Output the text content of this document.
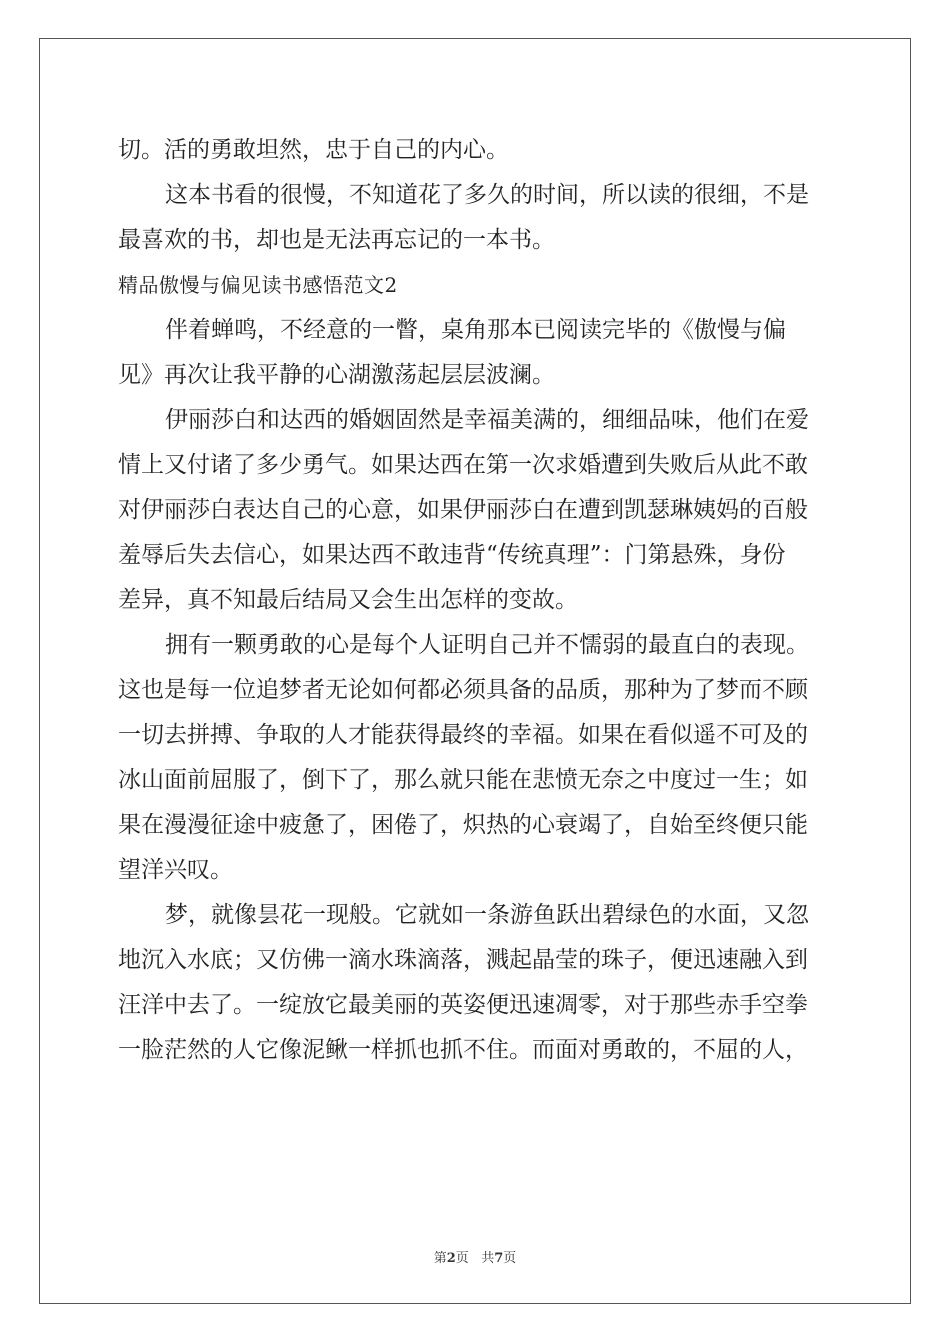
切。活的勇敢坦然，忠于自己的内心。
这本书看的很慢，不知道花了多久的时间，所以读的很细，不是
最喜欢的书，却也是无法再忘记的一本书。
精品傲慢与偏见读书感悟范文2
伴着蝉鸣，不经意的一瞥，桌角那本已阅读完毕的《傲慢与偏
见》再次让我平静的心湖激荡起层层波澜。
伊丽莎白和达西的婚姻固然是幸福美满的，细细品味，他们在爱
情上又付诸了多少勇气。如果达西在第一次求婚遭到失败后从此不敢
对伊丽莎白表达自己的心意，如果伊丽莎白在遭到凯瑟琳姨妈的百般
羞辱后失去信心，如果达西不敢违背“传统真理”：门第悬殊，身份
差异，真不知最后结局又会生出怎样的变故。
拥有一颗勇敢的心是每个人证明自己并不懦弱的最直白的表现。
这也是每一位追梦者无论如何都必须具备的品质，那种为了梦而不顾
一切去拼搏、争取的人才能获得最终的幸福。如果在看似遥不可及的
冰山面前屈服了，倒下了，那么就只能在悲愤无奈之中度过一生；如
果在漫漫征途中疲惫了，困倦了，炽热的心衰竭了，自始至终便只能
望洋兴叹。
梦，就像昙花一现般。它就如一条游鱼跃出碧绿色的水面，又忽
地沉入水底；又仿佛一滴水珠滴落，溅起晶莹的珠子，便迅速融入到
汪洋中去了。一绽放它最美丽的英姿便迅速凋零，对于那些赤手空拳
一脸茫然的人它像泥鳅一样抓也抓不住。而面对勇敢的，不屈的人，
第2页 共7页
